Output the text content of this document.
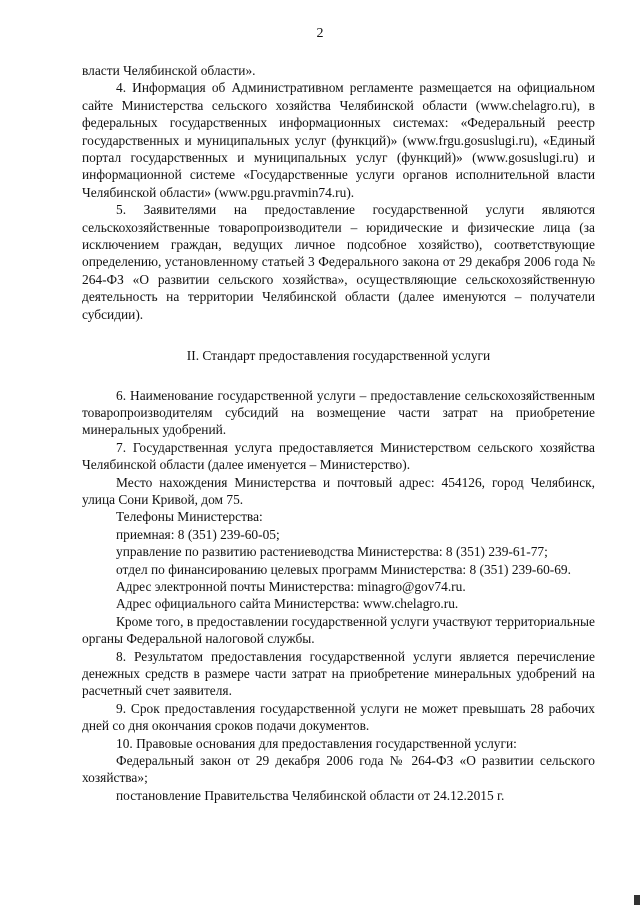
2

власти Челябинской области».

4. Информация об Административном регламенте размещается на официальном сайте Министерства сельского хозяйства Челябинской области (www.chelagro.ru), в федеральных государственных информационных системах: «Федеральный реестр государственных и муниципальных услуг (функций)» (www.frgu.gosuslugi.ru), «Единый портал государственных и муниципальных услуг (функций)» (www.gosuslugi.ru) и информационной системе «Государственные услуги органов исполнительной власти Челябинской области» (www.pgu.pravmin74.ru).

5. Заявителями на предоставление государственной услуги являются сельскохозяйственные товаропроизводители – юридические и физические лица (за исключением граждан, ведущих личное подсобное хозяйство), соответствующие определению, установленному статьей 3 Федерального закона от 29 декабря 2006 года № 264-ФЗ «О развитии сельского хозяйства», осуществляющие сельскохозяйственную деятельность на территории Челябинской области (далее именуются – получатели субсидии).

II. Стандарт предоставления государственной услуги

6. Наименование государственной услуги – предоставление сельскохозяйственным товаропроизводителям субсидий на возмещение части затрат на приобретение минеральных удобрений.

7. Государственная услуга предоставляется Министерством сельского хозяйства Челябинской области (далее именуется – Министерство).

Место нахождения Министерства и почтовый адрес: 454126, город Челябинск, улица Сони Кривой, дом 75.

Телефоны Министерства:

приемная: 8 (351) 239-60-05;

управление по развитию растениеводства Министерства: 8 (351) 239-61-77;

отдел по финансированию целевых программ Министерства: 8 (351) 239-60-69.

Адрес электронной почты Министерства: minagro@gov74.ru.

Адрес официального сайта Министерства: www.chelagro.ru.

Кроме того, в предоставлении государственной услуги участвуют территориальные органы Федеральной налоговой службы.

8. Результатом предоставления государственной услуги является перечисление денежных средств в размере части затрат на приобретение минеральных удобрений на расчетный счет заявителя.

9. Срок предоставления государственной услуги не может превышать 28 рабочих дней со дня окончания сроков подачи документов.

10. Правовые основания для предоставления государственной услуги:

Федеральный закон от 29 декабря 2006 года № 264-ФЗ «О развитии сельского хозяйства»;

постановление Правительства Челябинской области от 24.12.2015 г.
